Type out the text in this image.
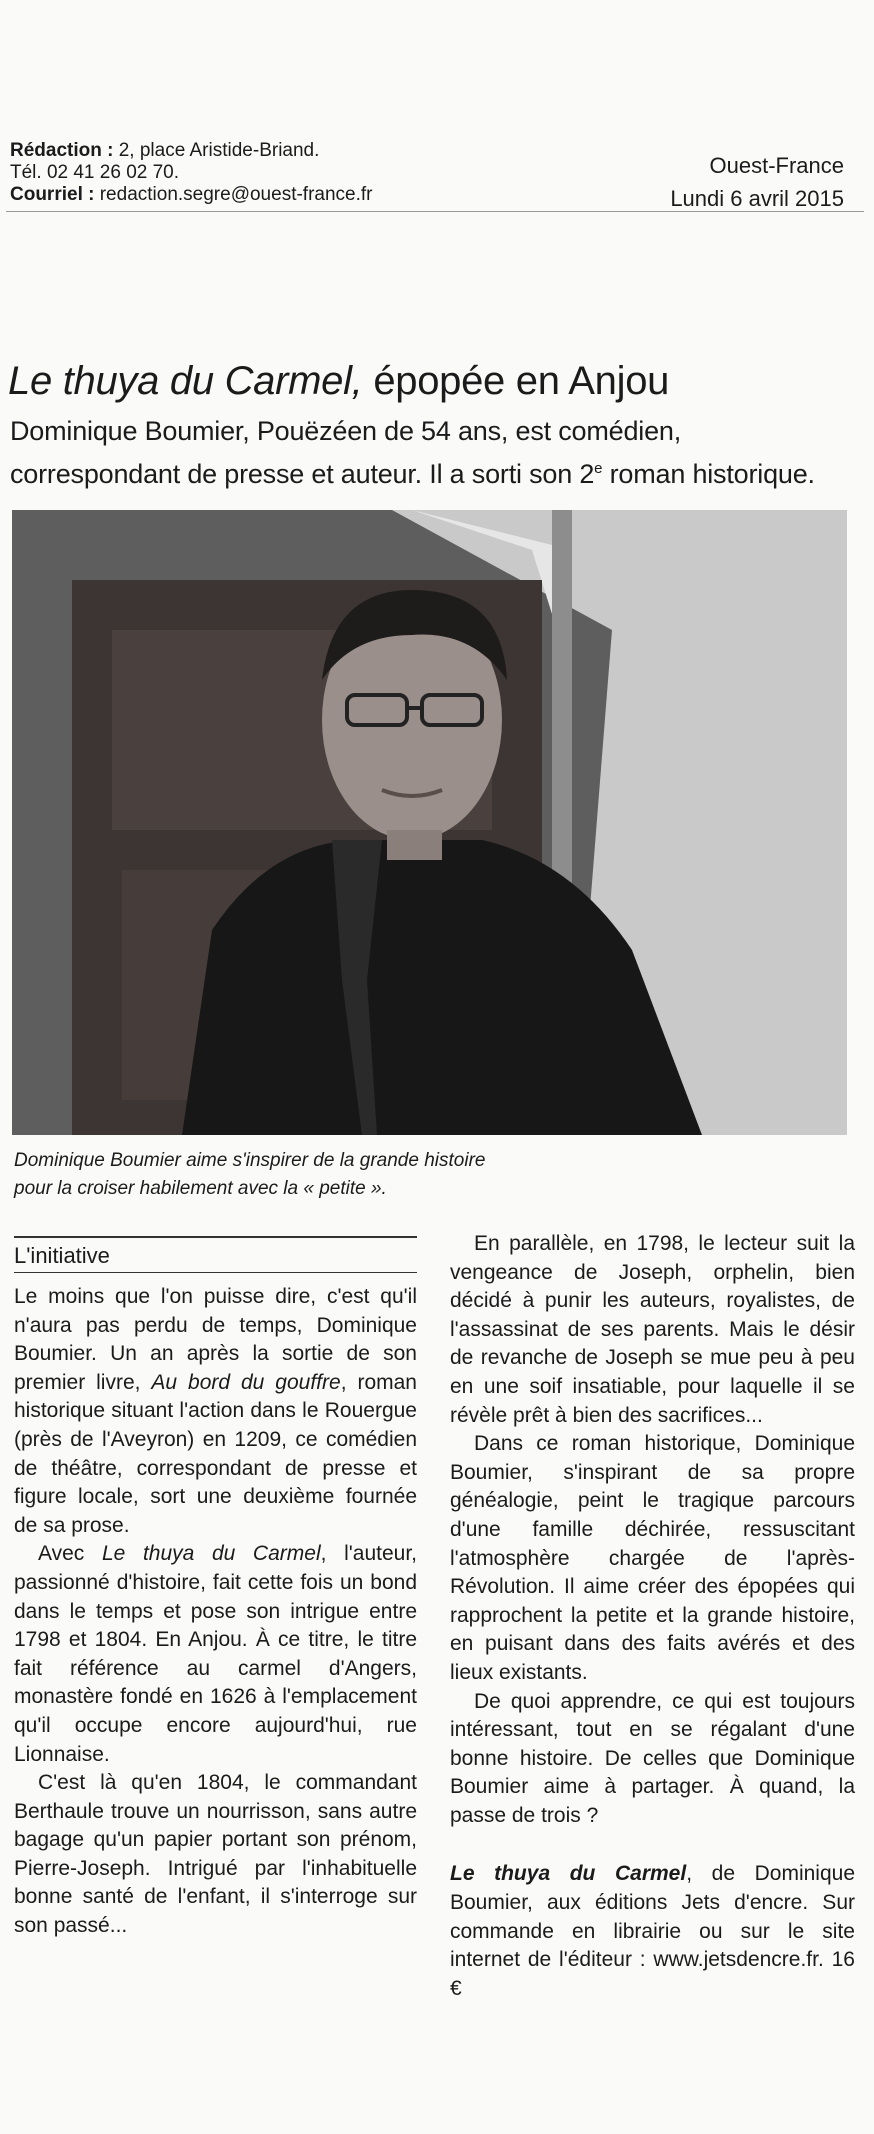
Rédaction : 2, place Aristide-Briand.
Tél. 02 41 26 02 70.
Courriel : redaction.segre@ouest-france.fr
Ouest-France
Lundi 6 avril 2015
Le thuya du Carmel, épopée en Anjou
Dominique Boumier, Pouëzéen de 54 ans, est comédien, correspondant de presse et auteur. Il a sorti son 2e roman historique.
Dominique Boumier aime s'inspirer de la grande histoire
pour la croiser habilement avec la « petite ».
L'initiative

Le moins que l'on puisse dire, c'est qu'il n'aura pas perdu de temps, Dominique Boumier. Un an après la sortie de son premier livre, Au bord du gouffre, roman historique situant l'action dans le Rouergue (près de l'Aveyron) en 1209, ce comédien de théâtre, correspondant de presse et figure locale, sort une deuxième fournée de sa prose.

Avec Le thuya du Carmel, l'auteur, passionné d'histoire, fait cette fois un bond dans le temps et pose son intrigue entre 1798 et 1804. En Anjou. À ce titre, le titre fait référence au carmel d'Angers, monastère fondé en 1626 à l'emplacement qu'il occupe encore aujourd'hui, rue Lionnaise.

C'est là qu'en 1804, le commandant Berthaule trouve un nourrisson, sans autre bagage qu'un papier portant son prénom, Pierre-Joseph. Intrigué par l'inhabituelle bonne santé de l'enfant, il s'interroge sur son passé...

En parallèle, en 1798, le lecteur suit la vengeance de Joseph, orphelin, bien décidé à punir les auteurs, royalistes, de l'assassinat de ses parents. Mais le désir de revanche de Joseph se mue peu à peu en une soif insatiable, pour laquelle il se révèle prêt à bien des sacrifices...

Dans ce roman historique, Dominique Boumier, s'inspirant de sa propre généalogie, peint le tragique parcours d'une famille déchirée, ressuscitant l'atmosphère chargée de l'après-Révolution. Il aime créer des épopées qui rapprochent la petite et la grande histoire, en puisant dans des faits avérés et des lieux existants.

De quoi apprendre, ce qui est toujours intéressant, tout en se régalant d'une bonne histoire. De celles que Dominique Boumier aime à partager. À quand, la passe de trois ?

Le thuya du Carmel, de Dominique Boumier, aux éditions Jets d'encre. Sur commande en librairie ou sur le site internet de l'éditeur : www.jetsdencre.fr. 16 €
